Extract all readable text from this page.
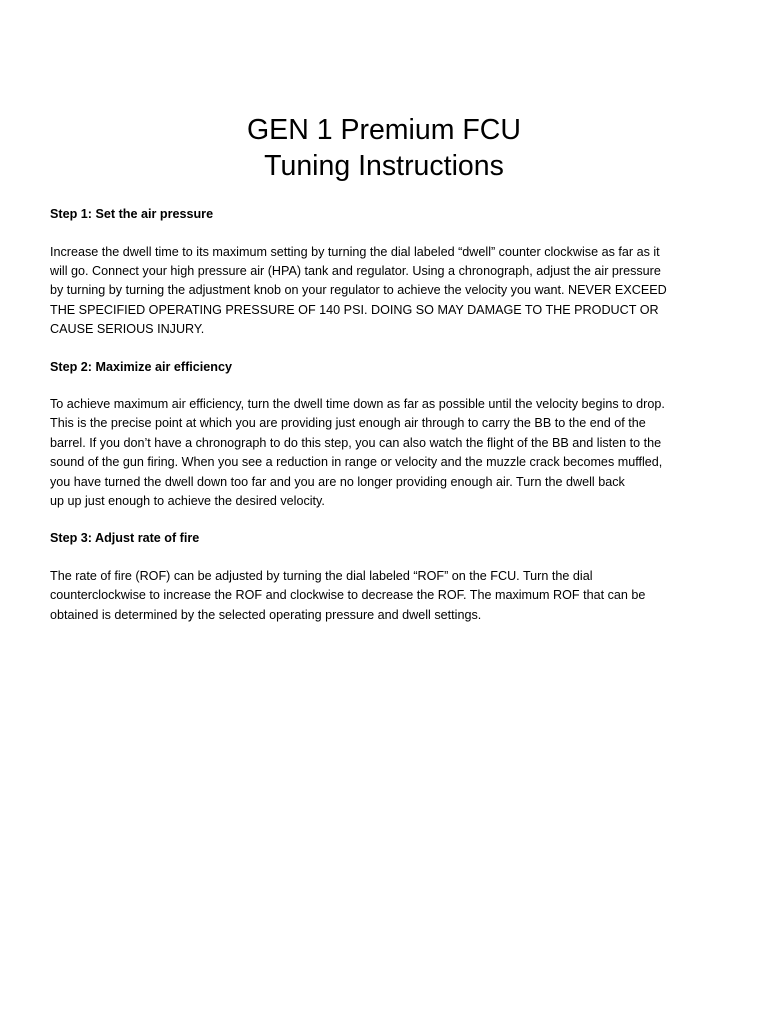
GEN 1 Premium FCU
Tuning Instructions

Step 1: Set the air pressure

Increase the dwell time to its maximum setting by turning the dial labeled “dwell” counter clockwise as far as it
will go. Connect your high pressure air (HPA) tank and regulator. Using a chronograph, adjust the air pressure
by turning by turning the adjustment knob on your regulator to achieve the velocity you want. NEVER EXCEED
THE SPECIFIED OPERATING PRESSURE OF 140 PSI. DOING SO MAY DAMAGE TO THE PRODUCT OR
CAUSE SERIOUS INJURY.

Step 2: Maximize air efficiency

To achieve maximum air efficiency, turn the dwell time down as far as possible until the velocity begins to drop.
This is the precise point at which you are providing just enough air through to carry the BB to the end of the
barrel. If you don’t have a chronograph to do this step, you can also watch the flight of the BB and listen to the
sound of the gun firing. When you see a reduction in range or velocity and the muzzle crack becomes muffled,
you have turned the dwell down too far and you are no longer providing enough air. Turn the dwell back
up up just enough to achieve the desired velocity.

Step 3: Adjust rate of fire

The rate of fire (ROF) can be adjusted by turning the dial labeled “ROF” on the FCU. Turn the dial
counterclockwise to increase the ROF and clockwise to decrease the ROF. The maximum ROF that can be
obtained is determined by the selected operating pressure and dwell settings.
